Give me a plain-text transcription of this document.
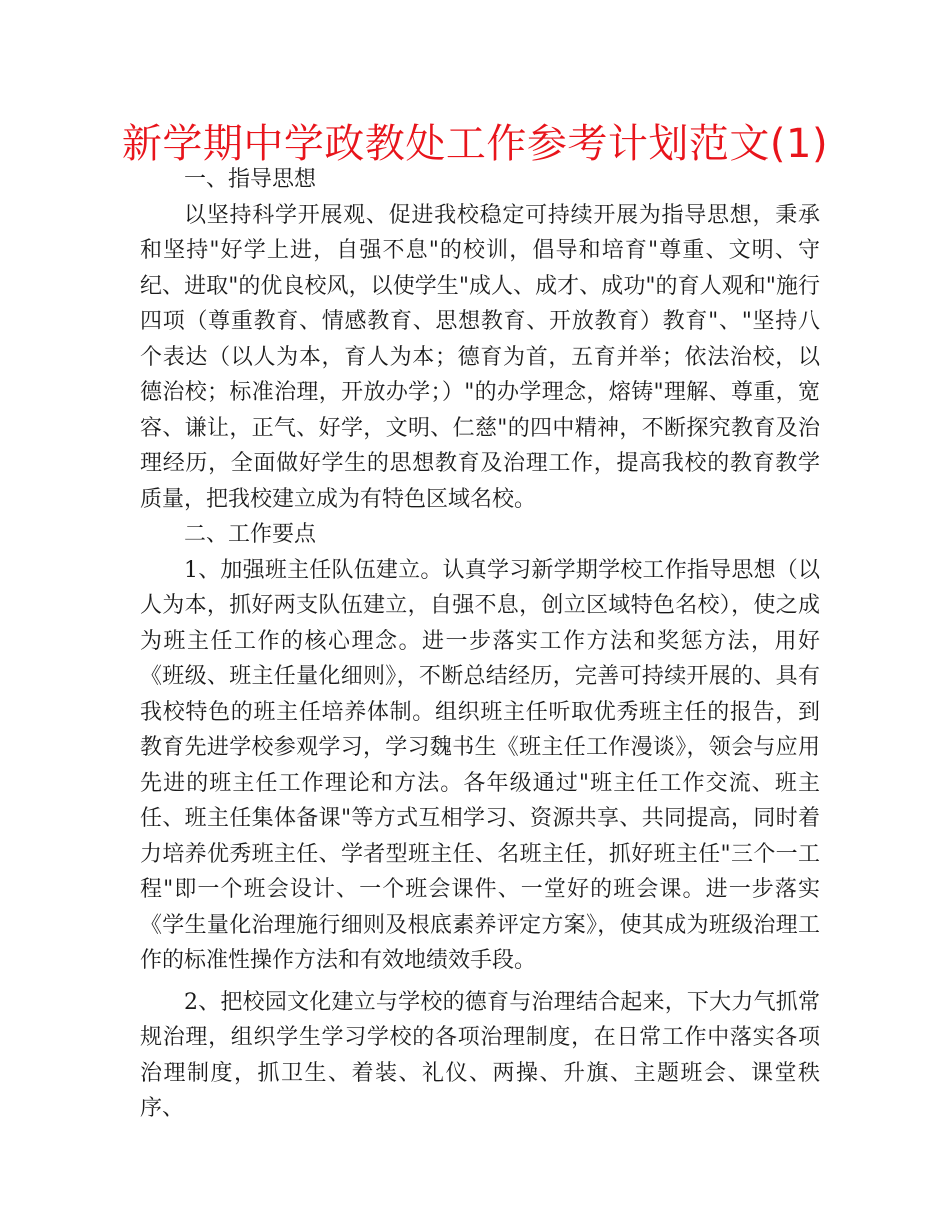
新学期中学政教处工作参考计划范文(1)

一、指导思想

以坚持科学开展观、促进我校稳定可持续开展为指导思想，秉承和坚持"好学上进，自强不息"的校训，倡导和培育"尊重、文明、守纪、进取"的优良校风，以使学生"成人、成才、成功"的育人观和"施行四项（尊重教育、情感教育、思想教育、开放教育）教育"、"坚持八个表达（以人为本，育人为本；德育为首，五育并举；依法治校，以德治校；标准治理，开放办学；）"的办学理念，熔铸"理解、尊重，宽容、谦让，正气、好学，文明、仁慈"的四中精神，不断探究教育及治理经历，全面做好学生的思想教育及治理工作，提高我校的教育教学质量，把我校建立成为有特色区域名校。

二、工作要点

1、加强班主任队伍建立。认真学习新学期学校工作指导思想（以人为本，抓好两支队伍建立，自强不息，创立区域特色名校），使之成为班主任工作的核心理念。进一步落实工作方法和奖惩方法，用好《班级、班主任量化细则》，不断总结经历，完善可持续开展的、具有我校特色的班主任培养体制。组织班主任听取优秀班主任的报告，到教育先进学校参观学习，学习魏书生《班主任工作漫谈》，领会与应用先进的班主任工作理论和方法。各年级通过"班主任工作交流、班主任、班主任集体备课"等方式互相学习、资源共享、共同提高，同时着力培养优秀班主任、学者型班主任、名班主任，抓好班主任"三个一工程"即一个班会设计、一个班会课件、一堂好的班会课。进一步落实《学生量化治理施行细则及根底素养评定方案》，使其成为班级治理工作的标准性操作方法和有效地绩效手段。

2、把校园文化建立与学校的德育与治理结合起来，下大力气抓常规治理，组织学生学习学校的各项治理制度，在日常工作中落实各项治理制度，抓卫生、着装、礼仪、两操、升旗、主题班会、课堂秩序、
